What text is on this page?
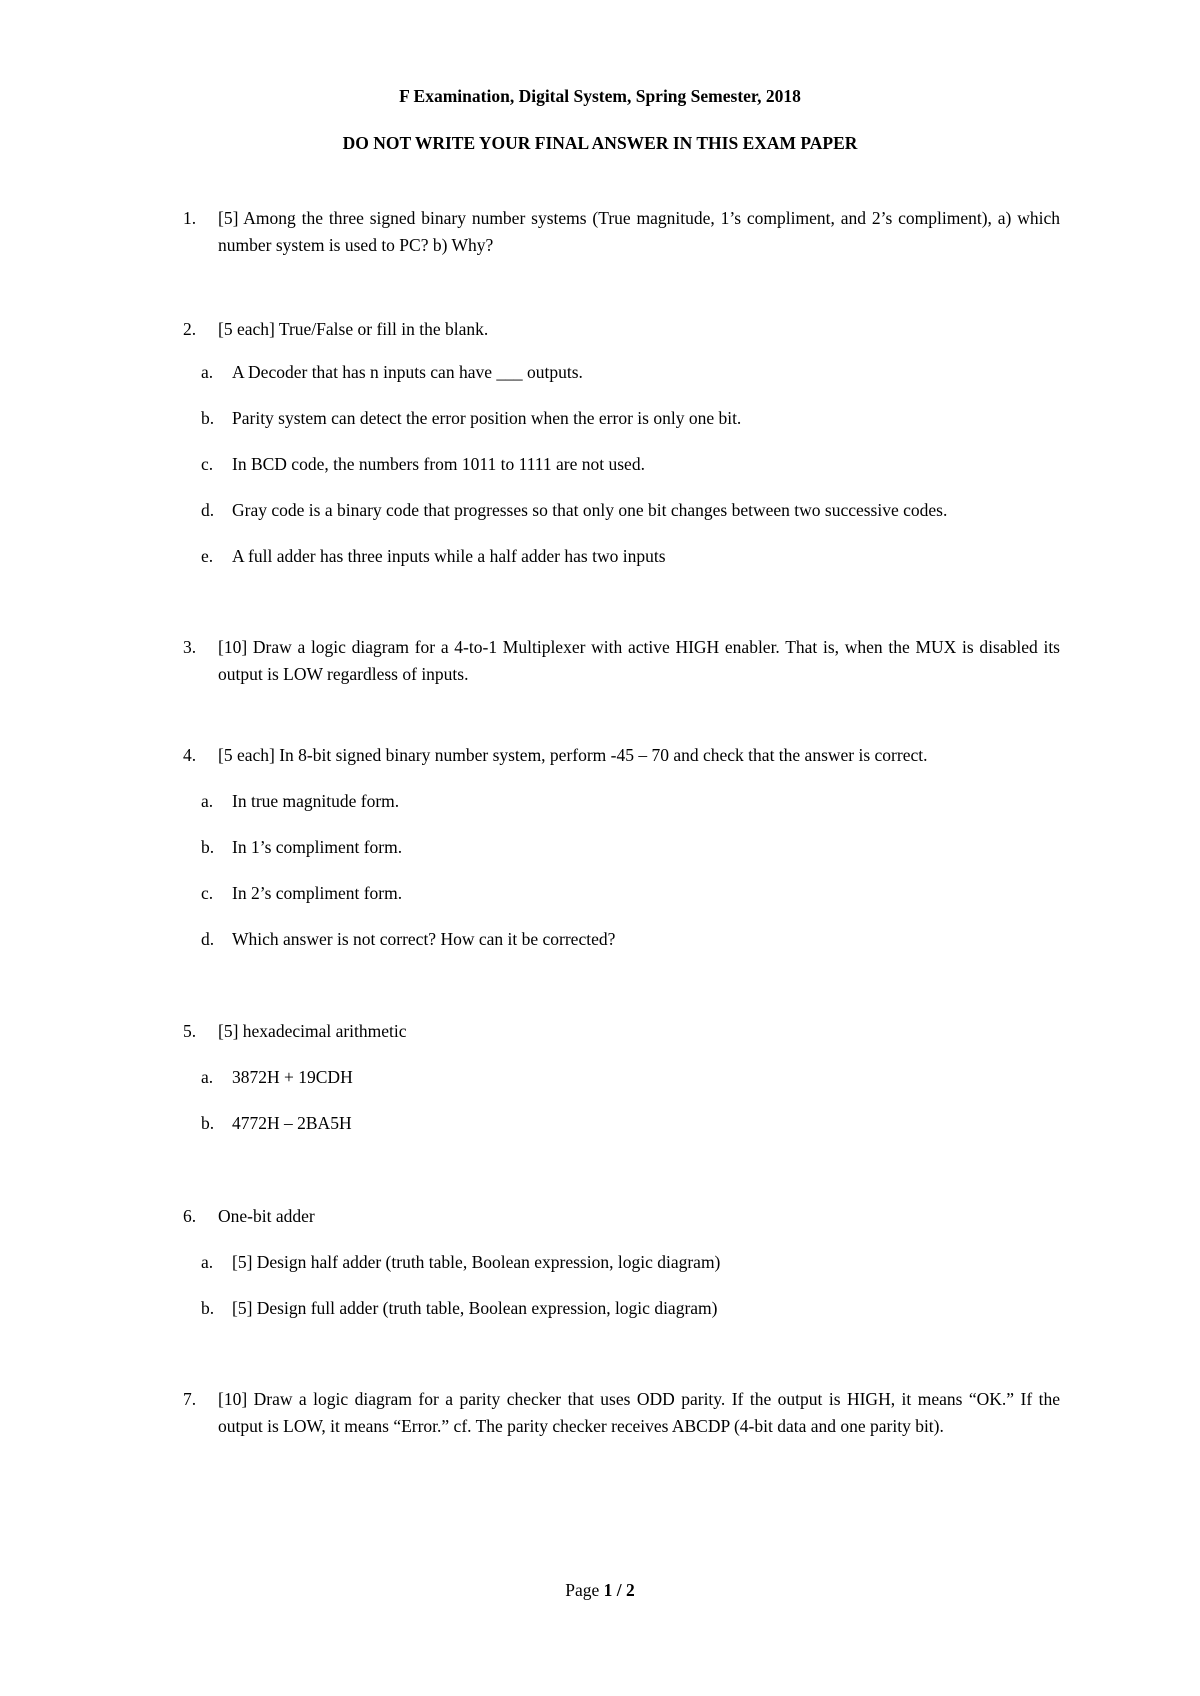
F Examination, Digital System, Spring Semester, 2018
DO NOT WRITE YOUR FINAL ANSWER IN THIS EXAM PAPER
1. [5] Among the three signed binary number systems (True magnitude, 1’s compliment, and 2’s compliment), a) which number system is used to PC? b) Why?
2. [5 each] True/False or fill in the blank.
a. A Decoder that has n inputs can have ___ outputs.
b. Parity system can detect the error position when the error is only one bit.
c. In BCD code, the numbers from 1011 to 1111 are not used.
d. Gray code is a binary code that progresses so that only one bit changes between two successive codes.
e. A full adder has three inputs while a half adder has two inputs
3. [10] Draw a logic diagram for a 4-to-1 Multiplexer with active HIGH enabler. That is, when the MUX is disabled its output is LOW regardless of inputs.
4. [5 each] In 8-bit signed binary number system, perform -45 – 70 and check that the answer is correct.
a. In true magnitude form.
b. In 1’s compliment form.
c. In 2’s compliment form.
d. Which answer is not correct? How can it be corrected?
5. [5] hexadecimal arithmetic
a. 3872H + 19CDH
b. 4772H – 2BA5H
6. One-bit adder
a. [5] Design half adder (truth table, Boolean expression, logic diagram)
b. [5] Design full adder (truth table, Boolean expression, logic diagram)
7. [10] Draw a logic diagram for a parity checker that uses ODD parity. If the output is HIGH, it means “OK.” If the output is LOW, it means “Error.” cf. The parity checker receives ABCDP (4-bit data and one parity bit).
Page 1 / 2
